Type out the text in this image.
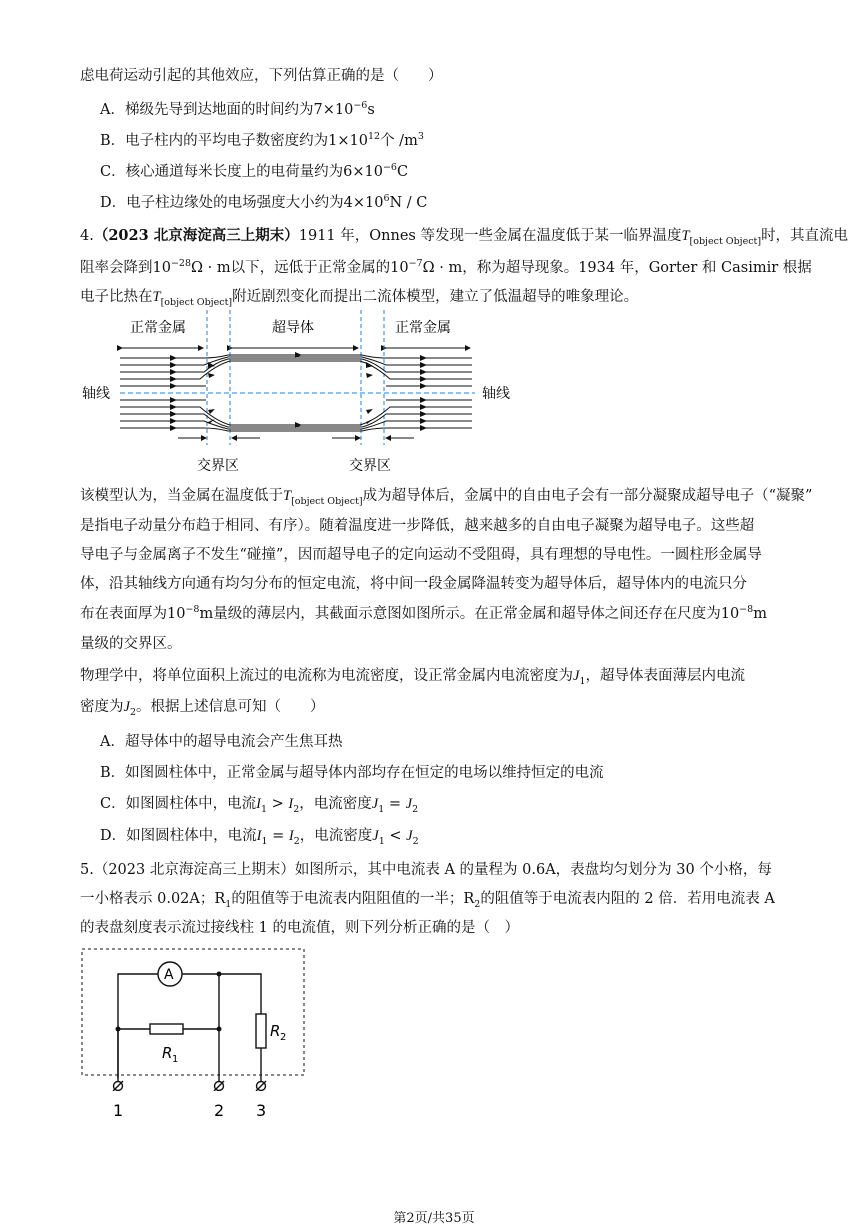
虑电荷运动引起的其他效应，下列估算正确的是（　　）
A．梯级先导到达地面的时间约为$7\times 10^{-6}s$
B．电子柱内的平均电子数密度约为$1\times 10^{12}$个 $/m^3$
C．核心通道每米长度上的电荷量约为$6\times 10^{-6}C$
D．电子柱边缘处的电场强度大小约为$4\times 10^6N / C$
4.（2023 北京海淀高三上期末）1911 年，Onnes 等发现一些金属在温度低于某一临界温度$T_{[object Object]}$时，其直流电
阻率会降到$10^{-28}\Omega \cdot m$以下，远低于正常金属的$10^{-7}\Omega \cdot m$，称为超导现象。1934 年，Gorter 和 Casimir 根据
电子比热在$T_{[object Object]}$附近剧烈变化而提出二流体模型，建立了低温超导的唯象理论。
正常金属	超导体	正常金属
轴线	轴线
交界区	交界区
该模型认为，当金属在温度低于$T_{[object Object]}$成为超导体后，金属中的自由电子会有一部分凝聚成超导电子（“凝聚”
是指电子动量分布趋于相同、有序）。随着温度进一步降低，越来越多的自由电子凝聚为超导电子。这些超
导电子与金属离子不发生“碰撞”，因而超导电子的定向运动不受阻碍，具有理想的导电性。一圆柱形金属导
体，沿其轴线方向通有均匀分布的恒定电流，将中间一段金属降温转变为超导体后，超导体内的电流只分
布在表面厚为$10^{-8}m$量级的薄层内，其截面示意图如图所示。在正常金属和超导体之间还存在尺度为$10^{-8}m$
量级的交界区。
物理学中，将单位面积上流过的电流称为电流密度，设正常金属内电流密度为$J_1$，超导体表面薄层内电流
密度为$J_2$。根据上述信息可知（　　）
A．超导体中的超导电流会产生焦耳热
B．如图圆柱体中，正常金属与超导体内部均存在恒定的电场以维持恒定的电流
C．如图圆柱体中，电流$I_1 > I_2$，电流密度$J_1 = J_2$
D．如图圆柱体中，电流$I_1 = I_2$，电流密度$J_1 < J_2$
5.（2023 北京海淀高三上期末）如图所示，其中电流表 A 的量程为 0.6A，表盘均匀划分为 30 个小格，每
一小格表示 0.02A；$R_1$的阻值等于电流表内阻阻值的一半；$R_2$的阻值等于电流表内阻的 2 倍．若用电流表 A
的表盘刻度表示流过接线柱 1 的电流值，则下列分析正确的是（　）
A
R 1
R 2
1	2 3
第2页/共35页
